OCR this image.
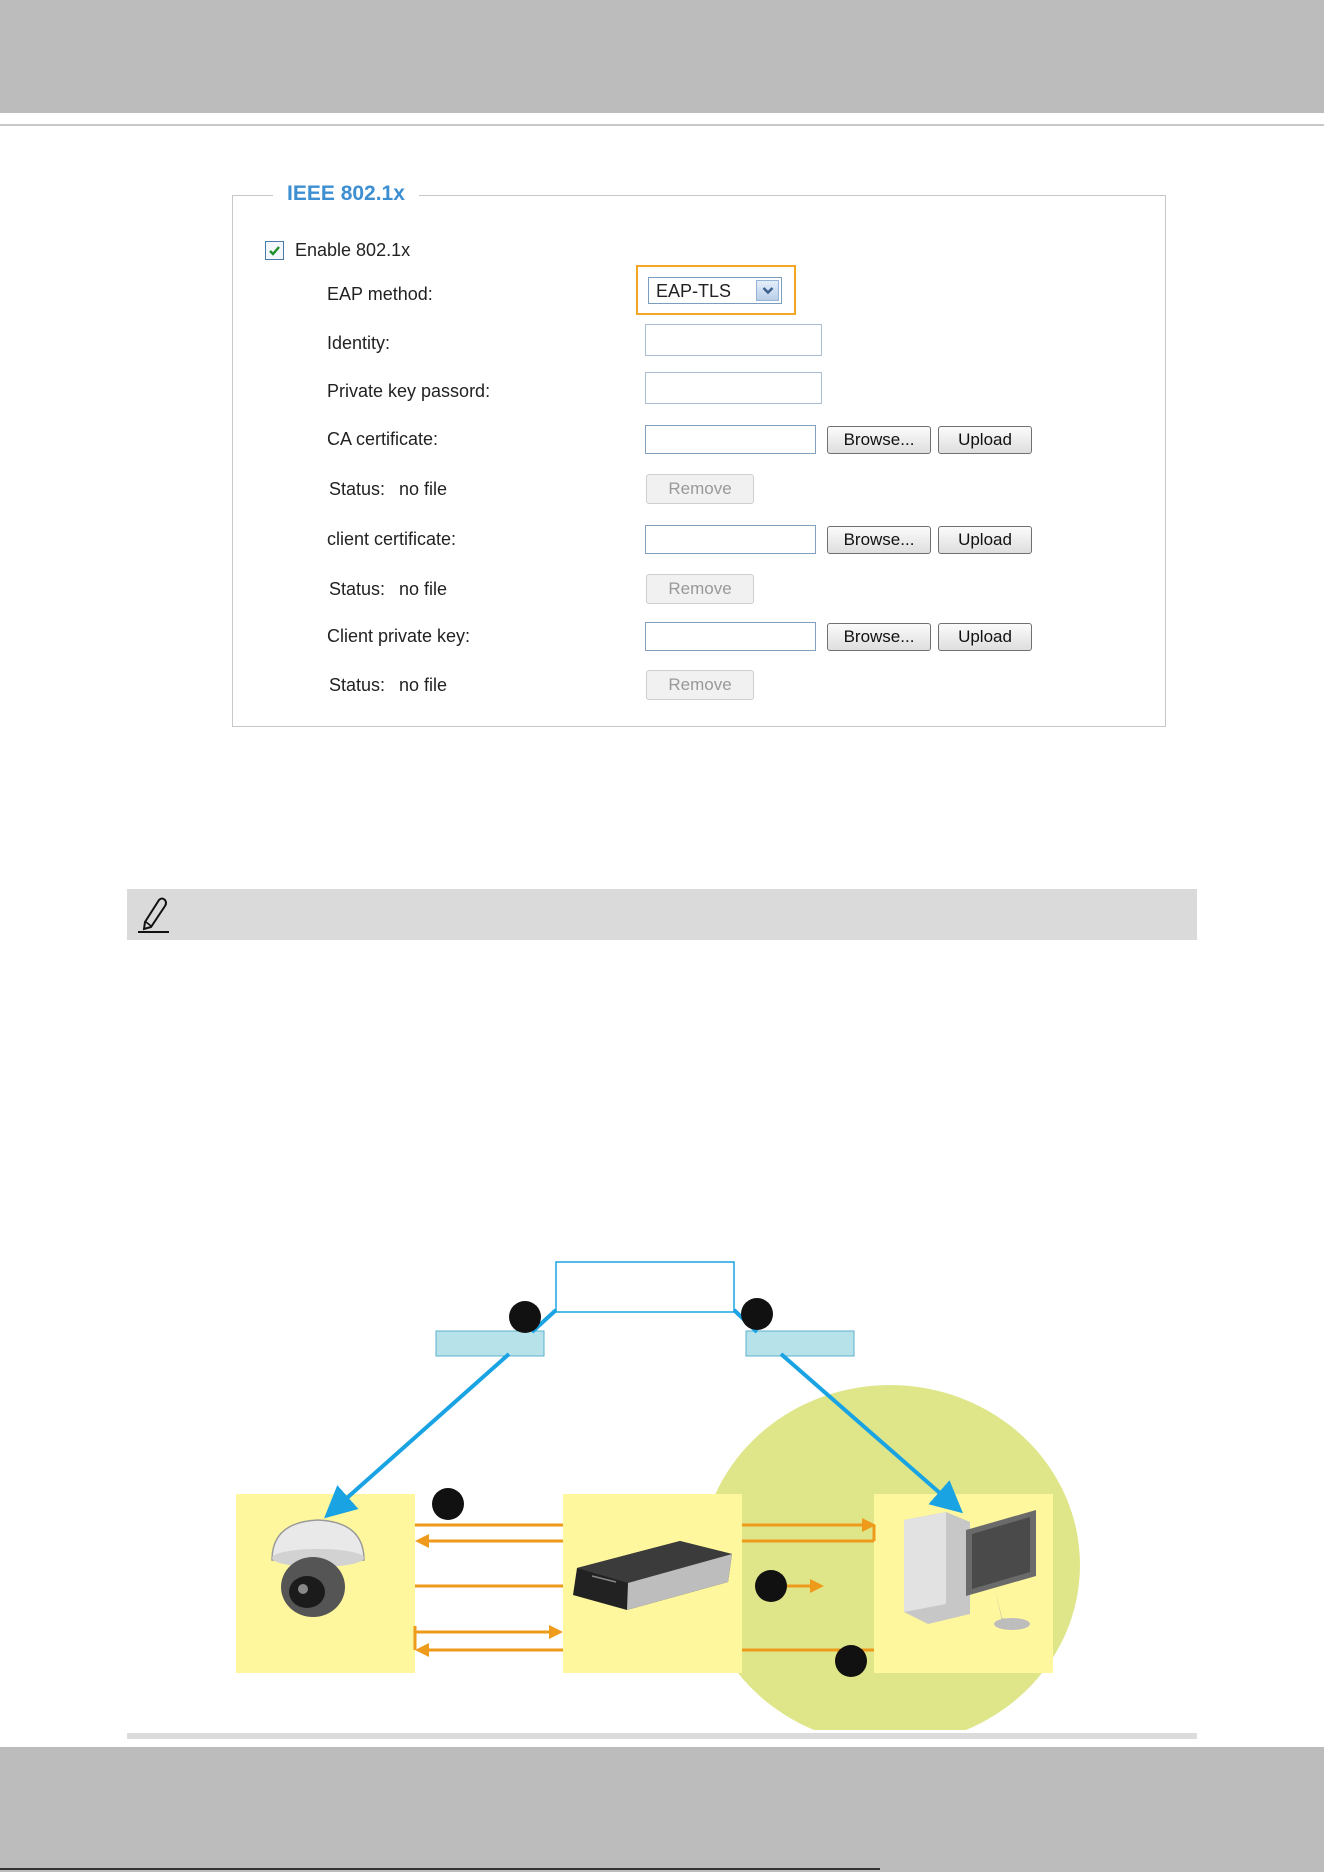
IEEE 802.1x
Enable 802.1x
EAP method:	EAP-TLS
Identity:
Private key passord:
CA certificate:	Browse...	Upload
Status: no file	Remove
client certificate:	Browse...	Upload
Status: no file	Remove
Client private key:	Browse...	Upload
Status: no file	Remove
